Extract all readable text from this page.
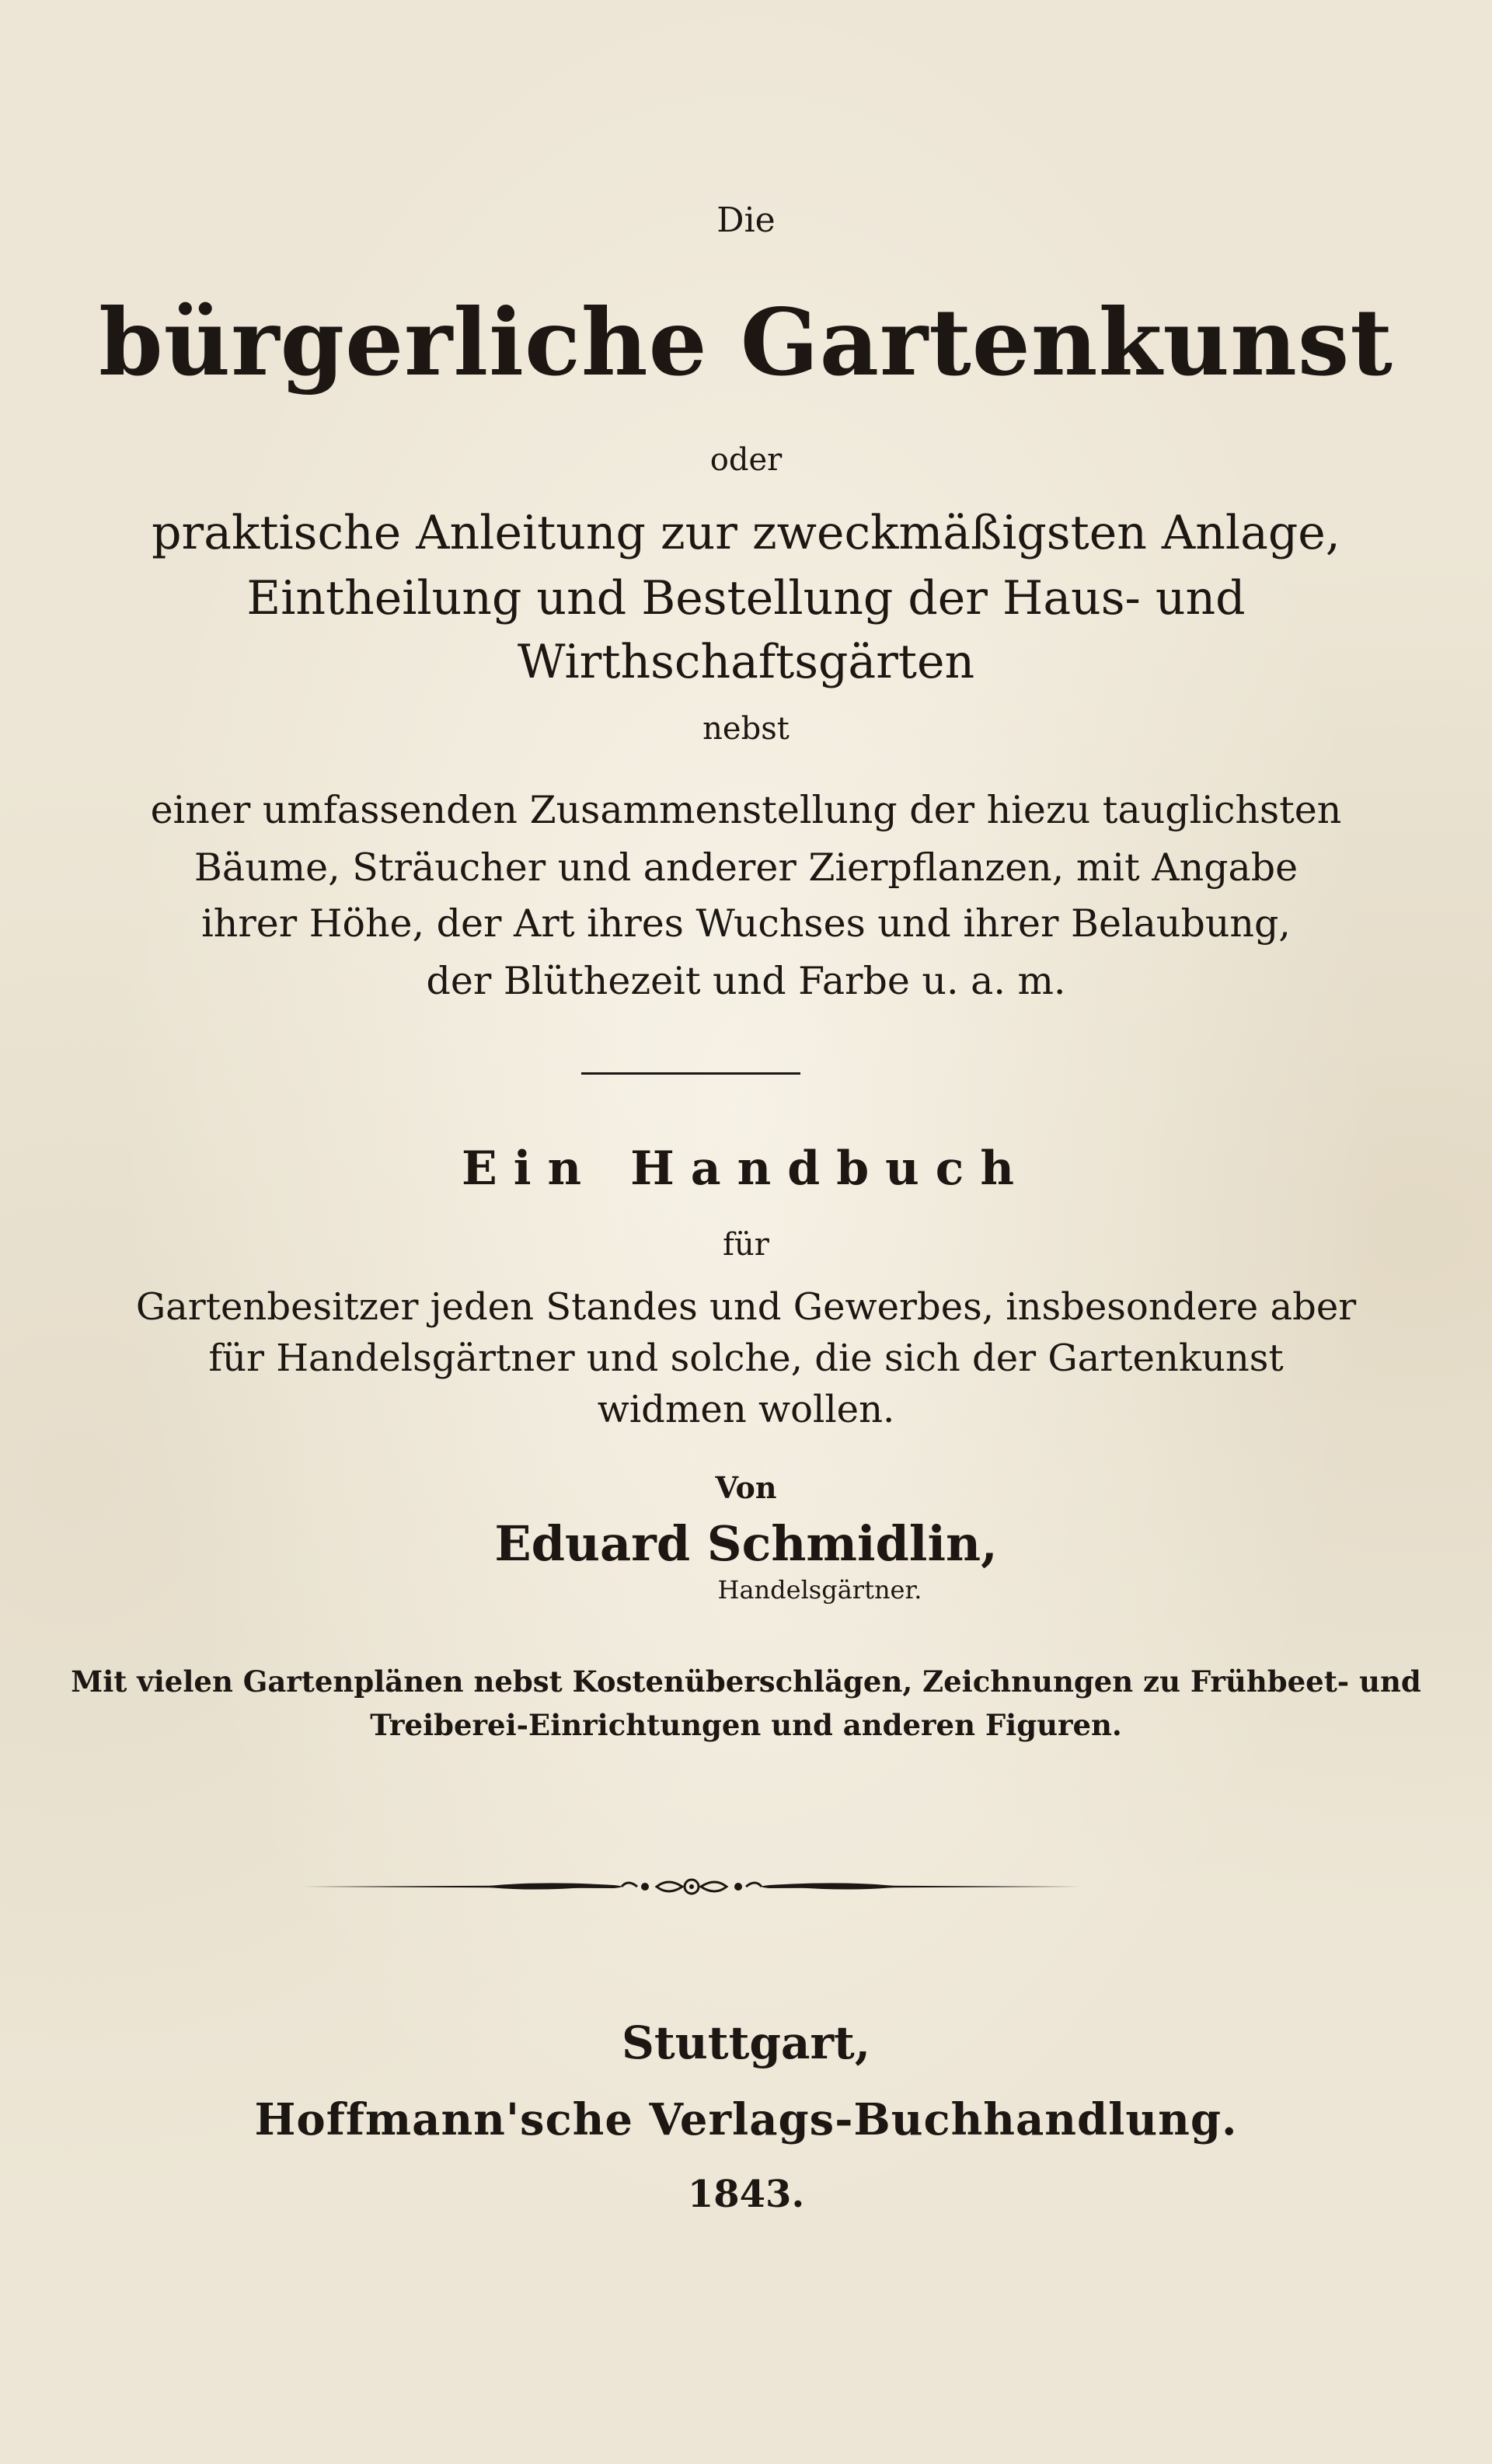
Die

bürgerliche Gartenkunst

oder

praktische Anleitung zur zweckmäßigsten Anlage,

Eintheilung und Bestellung der Haus- und

Wirthschaftsgärten

nebst

einer umfassenden Zusammenstellung der hiezu tauglichsten

Bäume, Sträucher und anderer Zierpflanzen, mit Angabe

ihrer Höhe, der Art ihres Wuchses und ihrer Belaubung,

der Blüthezeit und Farbe u. a. m.

Ein Handbuch

für

Gartenbesitzer jeden Standes und Gewerbes, insbesondere aber

für Handelsgärtner und solche, die sich der Gartenkunst

widmen wollen.

Von

Eduard Schmidlin,

Handelsgärtner.

Mit vielen Gartenplänen nebst Kostenüberschlägen, Zeichnungen zu Frühbeet- und

Treiberei-Einrichtungen und anderen Figuren.

Stuttgart,

Hoffmann'sche Verlags-Buchhandlung.

1843.
